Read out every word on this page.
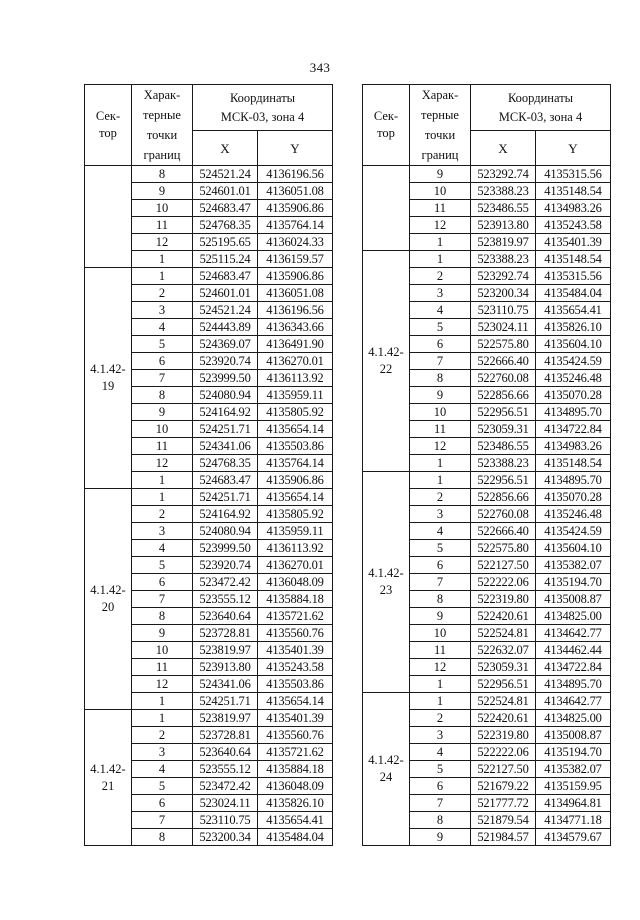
343
Сек-
тор	Харак-
терные
точки
границ	Координаты
МСК-03, зона 4	

		X	Y

	8	524521.24	4136196.56
	9	524601.01	4136051.08
	10	524683.47	4135906.86
	11	524768.35	4135764.14
	12	525195.65	4136024.33
	1	525115.24	4136159.57

4.1.42-
19	1	524683.47	4135906.86
	2	524601.01	4136051.08
	3	524521.24	4136196.56
	4	524443.89	4136343.66
	5	524369.07	4136491.90
	6	523920.74	4136270.01
	7	523999.50	4136113.92
	8	524080.94	4135959.11
	9	524164.92	4135805.92
	10	524251.71	4135654.14
	11	524341.06	4135503.86
	12	524768.35	4135764.14
	1	524683.47	4135906.86

4.1.42-
20	1	524251.71	4135654.14
	2	524164.92	4135805.92
	3	524080.94	4135959.11
	4	523999.50	4136113.92
	5	523920.74	4136270.01
	6	523472.42	4136048.09
	7	523555.12	4135884.18
	8	523640.64	4135721.62
	9	523728.81	4135560.76
	10	523819.97	4135401.39
	11	523913.80	4135243.58
	12	524341.06	4135503.86
	1	524251.71	4135654.14

4.1.42-
21	1	523819.97	4135401.39
	2	523728.81	4135560.76
	3	523640.64	4135721.62
	4	523555.12	4135884.18
	5	523472.42	4136048.09
	6	523024.11	4135826.10
	7	523110.75	4135654.41
	8	523200.34	4135484.04
Сек-
тор	Харак-
терные
точки
границ	Координаты
МСК-03, зона 4	

		X	Y

	9	523292.74	4135315.56
	10	523388.23	4135148.54
	11	523486.55	4134983.26
	12	523913.80	4135243.58
	1	523819.97	4135401.39

4.1.42-
22	1	523388.23	4135148.54
	2	523292.74	4135315.56
	3	523200.34	4135484.04
	4	523110.75	4135654.41
	5	523024.11	4135826.10
	6	522575.80	4135604.10
	7	522666.40	4135424.59
	8	522760.08	4135246.48
	9	522856.66	4135070.28
	10	522956.51	4134895.70
	11	523059.31	4134722.84
	12	523486.55	4134983.26
	1	523388.23	4135148.54

4.1.42-
23	1	522956.51	4134895.70
	2	522856.66	4135070.28
	3	522760.08	4135246.48
	4	522666.40	4135424.59
	5	522575.80	4135604.10
	6	522127.50	4135382.07
	7	522222.06	4135194.70
	8	522319.80	4135008.87
	9	522420.61	4134825.00
	10	522524.81	4134642.77
	11	522632.07	4134462.44
	12	523059.31	4134722.84
	1	522956.51	4134895.70

4.1.42-
24	1	522524.81	4134642.77
	2	522420.61	4134825.00
	3	522319.80	4135008.87
	4	522222.06	4135194.70
	5	522127.50	4135382.07
	6	521679.22	4135159.95
	7	521777.72	4134964.81
	8	521879.54	4134771.18
	9	521984.57	4134579.67
